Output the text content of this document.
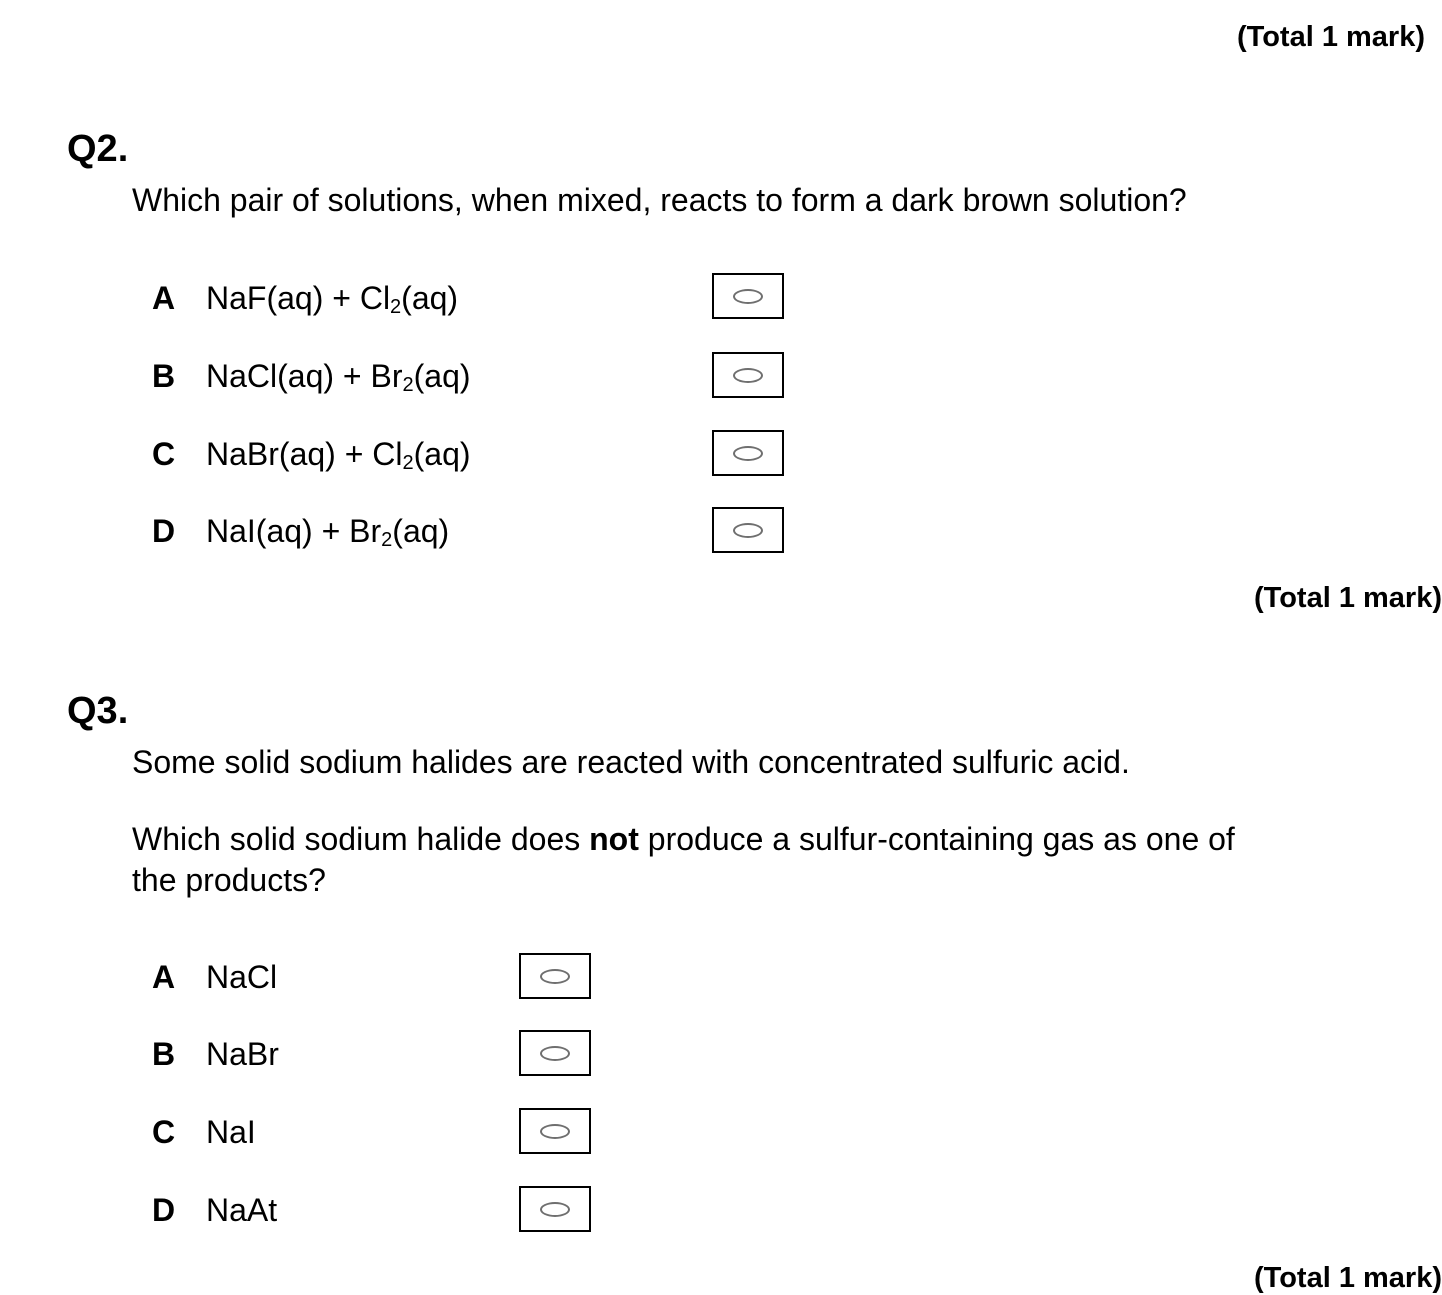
(Total 1 mark)
Q2.
Which pair of solutions, when mixed, reacts to form a dark brown solution?
A $NaF(aq) + Cl_2(aq)$
B NaCl(aq) + $Br_2(aq)$
C NaBr(aq) + $Cl_2(aq)$
D $NaI(aq) + Br_2(aq)$
(Total 1 mark)
Q3.
Some solid sodium halides are reacted with concentrated sulfuric acid.
Which solid sodium halide does not produce a sulfur-containing gas as one of
the products?
A NaCl
B NaBr
C NaI
D NaAt
(Total 1 mark)
